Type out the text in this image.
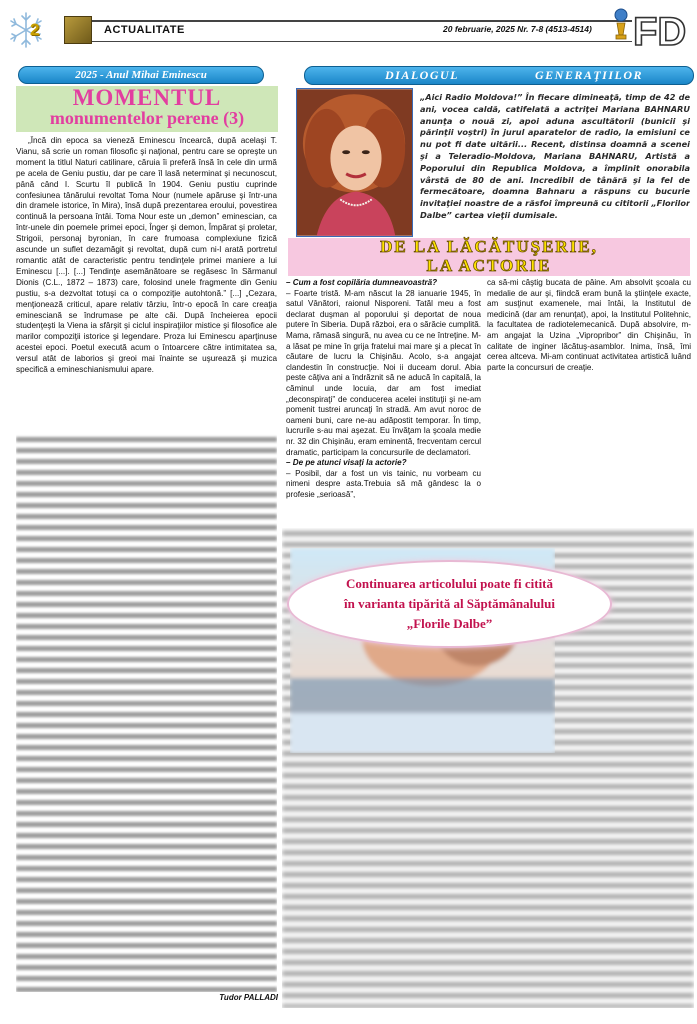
2	ACTUALITATE	20 februarie, 2025 Nr. 7-8 (4513-4514) FD
2025 - Anul Mihai Eminescu
MOMENTUL
monumentelor perene (3)
„Încă din epoca sa vieneză Eminescu încearcă, după acelaşi T. Vianu, să scrie un roman filosofic şi naţional, pentru care se opreşte un moment la titlul Naturi catilinare, căruia îi preferă însă în cele din urmă pe acela de Geniu pustiu, dar pe care îl lasă neterminat şi necunoscut, până când I. Scurtu îl publică în 1904. Geniu pustiu cuprinde confesiunea tânărului revoltat Toma Nour (numele apăruse şi într-una din dramele istorice, în Mira), însă după prezentarea eroului, povestirea continuă la persoana întâi. Toma Nour este un „demon” eminescian, ca într-unele din poemele primei epoci, Înger şi demon, Împărat şi proletar, Strigoii, personaj byronian, în care frumoasa complexiune fizică ascunde un suflet dezamăgit şi revoltat, după cum ni-l arată portretul romantic atât de caracteristic pentru tendinţele primei maniere a lui Eminescu [...]. [...] Tendinţe asemănătoare se regăsesc în Sărmanul Dionis (C.L., 1872 – 1873) care, folosind unele fragmente din Geniu pustiu, s-a dezvoltat totuşi ca o compoziţie autohtonă.” [...] „Cezara, menţionează criticul, apare relativ târziu, într-o epocă în care creaţia eminesciană se îndrumase pe alte căi. După încheierea epocii studenţeşti la Viena ia sfârşit şi ciclul inspiraţiilor mistice şi filosofice ale marilor compoziţii istorice şi legendare. Proza lui Eminescu aparţinuse acestei epoci. Poetul execută acum o întoarcere către intimitatea sa, versul atât de laborios şi greoi mai înainte se uşurează şi muzica specifică a emineschianismului apare.
Tudor PALLADI
DIALOGUL	GENERAŢIILOR
„Aici Radio Moldova!” În fiecare dimineaţă, timp de 42 de ani, vocea caldă, catifelată a actriţei Mariana BAHNARU anunţa o nouă zi, apoi aduna ascultătorii (bunicii şi părinţii voştri) în jurul aparatelor de radio, la emisiuni ce nu pot fi date uitării... Recent, distinsa doamnă a scenei şi a Teleradio-Moldova, Mariana BAHNARU, Artistă a Poporului din Republica Moldova, a împlinit onorabila vârstă de 80 de ani. Incredibil de tânără şi la fel de fermecătoare, doamna Bahnaru a răspuns cu bucurie invitaţiei noastre de a răsfoi împreună cu cititorii „Florilor Dalbe” cartea vieţii dumisale.
DE LA LĂCĂTUŞERIE,
LA ACTORIE

– Cum a fost copilăria dumneavoastră?

– Foarte tristă. M-am născut la 28 ianuarie 1945, în satul Vânători, raionul Nisporeni. Tatăl meu a fost declarat duşman al poporului şi deportat de noua putere în Siberia. După război, era o sărăcie cumplită. Mama, rămasă singură, nu avea cu ce ne întreţine. M-a lăsat pe mine în grija fratelui mai mare şi a plecat în căutare de lucru la Chişinău. Acolo, s-a angajat clandestin în construcţie. Noi ii duceam dorul. Abia peste câţiva ani a îndrăznit să ne aducă în capitală, la căminul unde locuia, dar am fost imediat „deconspiraţi” de conducerea acelei instituţii şi ne-am pomenit tustrei aruncaţi în stradă. Am avut noroc de oameni buni, care ne-au adăpostit temporar. În timp, lucrurile s-au mai aşezat. Eu învăţam la şcoala medie nr. 32 din Chişinău, eram eminentă, frecventam cercul dramatic, participam la concursurile de declamatori.

– De pe atunci visaţi la actorie?

– Posibil, dar a fost un vis tainic, nu vorbeam cu nimeni despre asta.Trebuia să mă gândesc la o profesie „serioasă”,

ca să-mi câştig bucata de pâine. Am absolvit şcoala cu medalie de aur şi, fiindcă eram bună la ştiinţele exacte, am susţinut examenele, mai întâi, la Institutul de medicină (dar am renunţat), apoi, la Institutul Politehnic, la facultatea de radiotelemecanică. După absolvire, m-am angajat la Uzina „Vipropribor” din Chişinău, în calitate de inginer lăcătuş-asamblor. Inima, însă, îmi cerea altceva. Mi-am continuat activitatea artistică luând parte la concursuri de creaţie.

Continuarea articolului poate fi citită
în varianta tipărită al Săptămânalului
„Florile Dalbe”
